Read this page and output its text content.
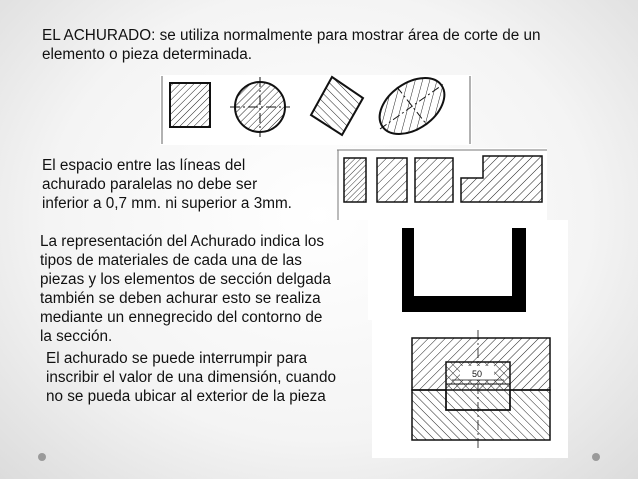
EL ACHURADO: se utiliza normalmente para mostrar área de corte de un
elemento o pieza determinada.

El espacio entre las líneas del
achurado paralelas no debe ser
inferior a 0,7 mm. ni superior a 3mm.

La representación del Achurado indica los
tipos de materiales de cada una de las
piezas y los elementos de sección delgada
también se deben achurar esto se realiza
mediante un ennegrecido del contorno de
la sección.

El achurado se puede interrumpir para
inscribir el valor de una dimensión, cuando
no se pueda ubicar al exterior de la pieza

50
